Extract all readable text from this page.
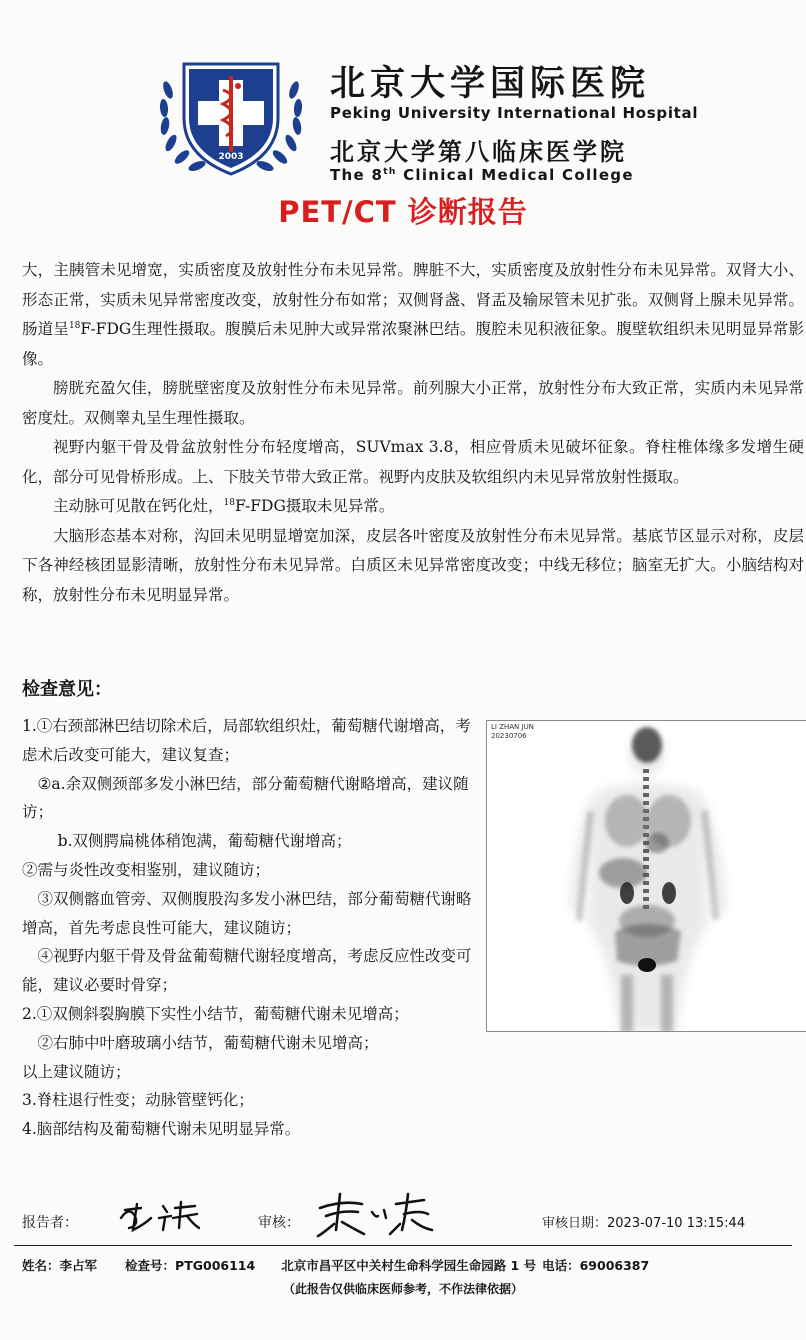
2003
北京大学国际医院
Peking University International Hospital
北京大学第八临床医学院
The 8th Clinical Medical College
PET/CT 诊断报告

大，主胰管未见增宽，实质密度及放射性分布未见异常。脾脏不大，实质密度及放射性分布未见异常。双肾大小、形态正常，实质未见异常密度改变，放射性分布如常；双侧肾盏、肾盂及输尿管未见扩张。双侧肾上腺未见异常。肠道呈$^{18}$F-FDG生理性摄取。腹膜后未见肿大或异常浓聚淋巴结。腹腔未见积液征象。腹壁软组织未见明显异常影像。

膀胱充盈欠佳，膀胱壁密度及放射性分布未见异常。前列腺大小正常，放射性分布大致正常，实质内未见异常密度灶。双侧睾丸呈生理性摄取。

视野内躯干骨及骨盆放射性分布轻度增高，SUVmax 3.8，相应骨质未见破坏征象。脊柱椎体缘多发增生硬化，部分可见骨桥形成。上、下肢关节带大致正常。视野内皮肤及软组织内未见异常放射性摄取。

主动脉可见散在钙化灶，$^{18}$F-FDG摄取未见异常。

大脑形态基本对称，沟回未见明显增宽加深，皮层各叶密度及放射性分布未见异常。基底节区显示对称，皮层下各神经核团显影清晰，放射性分布未见异常。白质区未见异常密度改变；中线无移位；脑室无扩大。小脑结构对称，放射性分布未见明显异常。

检查意见：

1.①右颈部淋巴结切除术后，局部软组织灶，葡萄糖代谢增高，考虑术后改变可能大，建议复查；

②a.余双侧颈部多发小淋巴结，部分葡萄糖代谢略增高，建议随访；

b.双侧腭扁桃体稍饱满，葡萄糖代谢增高；

②需与炎性改变相鉴别，建议随访；

③双侧髂血管旁、双侧腹股沟多发小淋巴结，部分葡萄糖代谢略增高，首先考虑良性可能大，建议随访；

④视野内躯干骨及骨盆葡萄糖代谢轻度增高，考虑反应性改变可能，建议必要时骨穿；

2.①双侧斜裂胸膜下实性小结节，葡萄糖代谢未见增高；

②右肺中叶磨玻璃小结节，葡萄糖代谢未见增高；

以上建议随访；

3.脊柱退行性变；动脉管壁钙化；

4.脑部结构及葡萄糖代谢未见明显异常。

LI ZHAN JUN
20230706
报告者：	审核：	审核日期：2023-07-10 13:15:44
姓名：李占军 检查号：PTG006114 北京市昌平区中关村生命科学园生命园路 1 号 电话：69006387
（此报告仅供临床医师参考，不作法律依据）
